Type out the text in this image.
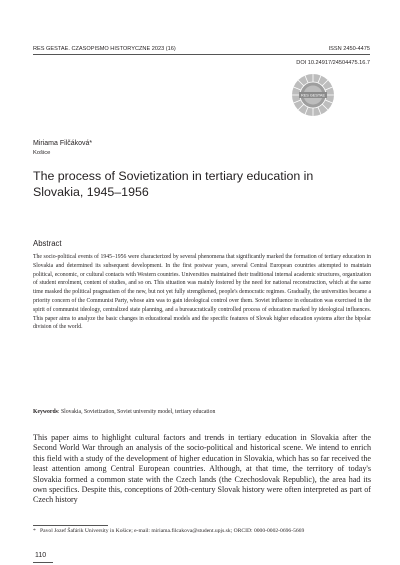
RES GESTAE. CZASOPISMO HISTORYCZNE 2023 (16)	ISSN 2450-4475
DOI 10.24917/24504475.16.7
RES GESTAE
Miriama Filčáková*
Košice
The process of Sovietization in tertiary education in Slovakia, 1945–1956
Abstract

The socio-political events of 1945–1956 were characterized by several phenomena that significantly marked the formation of tertiary education in Slovakia and determined its subsequent development. In the first postwar years, several Central European countries attempted to maintain political, economic, or cultural contacts with Western countries. Universities maintained their traditional internal academic structures, organization of student enrolment, content of studies, and so on. This situation was mainly fostered by the need for national reconstruction, which at the same time masked the political pragmatism of the new, but not yet fully strengthened, people's democratic regimes. Gradually, the universities became a priority concern of the Communist Party, whose aim was to gain ideological control over them. Soviet influence in education was exercised in the spirit of communist ideology, centralized state planning, and a bureaucratically controlled process of education marked by ideological influences. This paper aims to analyze the basic changes in educational models and the specific features of Slovak higher education systems after the bipolar division of the world.

Keywords: Slovakia, Sovietization, Soviet university model, tertiary education

This paper aims to highlight cultural factors and trends in tertiary education in Slovakia after the Second World War through an analysis of the socio-political and historical scene. We intend to enrich this field with a study of the development of higher education in Slovakia, which has so far received the least attention among Central European countries. Although, at that time, the territory of today's Slovakia formed a common state with the Czech lands (the Czechoslovak Republic), the area had its own specifics. Despite this, conceptions of 20th-century Slovak history were often interpreted as part of Czech history

* Pavol Jozef Šafárik University in Košice; e-mail: miriama.filcakova@student.upjs.sk; ORCID: 0000-0002-0696-5669

110
